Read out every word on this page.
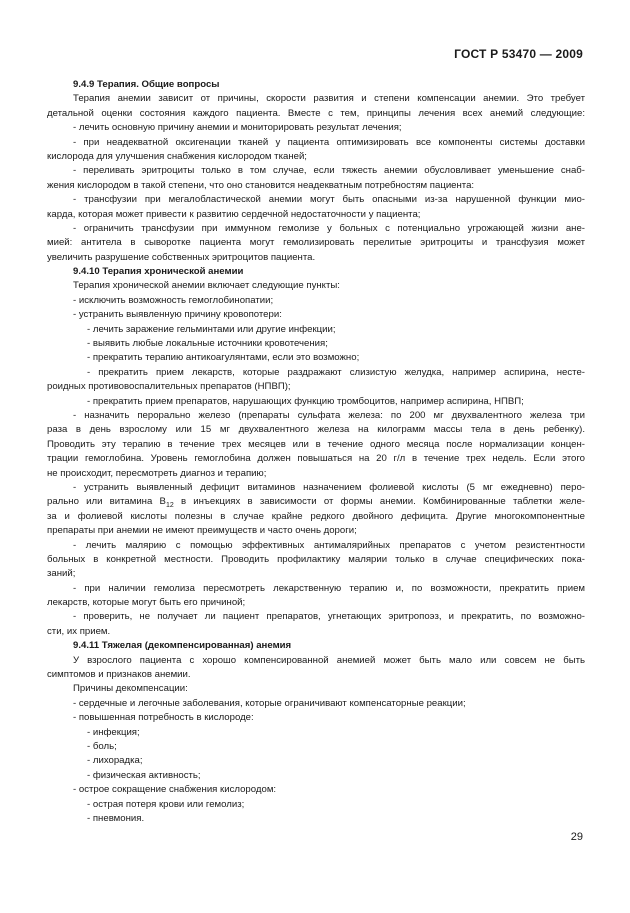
ГОСТ Р 53470 — 2009
9.4.9 Терапия. Общие вопросы
Терапия анемии зависит от причины, скорости развития и степени компенсации анемии. Это требует
детальной оценки состояния каждого пациента. Вместе с тем, принципы лечения всех анемий следующие:
- лечить основную причину анемии и мониторировать результат лечения;
- при неадекватной оксигенации тканей у пациента оптимизировать все компоненты системы доставки
кислорода для улучшения снабжения кислородом тканей;
- переливать эритроциты только в том случае, если тяжесть анемии обусловливает уменьшение снаб-
жения кислородом в такой степени, что оно становится неадекватным потребностям пациента:
- трансфузии при мегалобластической анемии могут быть опасными из-за нарушенной функции мио-
карда, которая может привести к развитию сердечной недостаточности у пациента;
- ограничить трансфузии при иммунном гемолизе у больных с потенциально угрожающей жизни ане-
мией: антитела в сыворотке пациента могут гемолизировать перелитые эритроциты и трансфузия может
увеличить разрушение собственных эритроцитов пациента.
9.4.10 Терапия хронической анемии
Терапия хронической анемии включает следующие пункты:
- исключить возможность гемоглобинопатии;
- устранить выявленную причину кровопотери:
- лечить заражение гельминтами или другие инфекции;
- выявить любые локальные источники кровотечения;
- прекратить терапию антикоагулянтами, если это возможно;
- прекратить прием лекарств, которые раздражают слизистую желудка, например аспирина, несте-
роидных противовоспалительных препаратов (НПВП);
- прекратить прием препаратов, нарушающих функцию тромбоцитов, например аспирина, НПВП;
- назначить перорально железо (препараты сульфата железа: по 200 мг двухвалентного железа три
раза в день взрослому или 15 мг двухвалентного железа на килограмм массы тела в день ребенку).
Проводить эту терапию в течение трех месяцев или в течение одного месяца после нормализации концен-
трации гемоглобина. Уровень гемоглобина должен повышаться на 20 г/л в течение трех недель. Если этого
не происходит, пересмотреть диагноз и терапию;
- устранить выявленный дефицит витаминов назначением фолиевой кислоты (5 мг ежедневно) перо-
рально или витамина $B_{12}$ в инъекциях в зависимости от формы анемии. Комбинированные таблетки желе-
за и фолиевой кислоты полезны в случае крайне редкого двойного дефицита. Другие многокомпонентные
препараты при анемии не имеют преимуществ и часто очень дороги;
- лечить малярию с помощью эффективных антималярийных препаратов с учетом резистентности
больных в конкретной местности. Проводить профилактику малярии только в случае специфических пока-
заний;
- при наличии гемолиза пересмотреть лекарственную терапию и, по возможности, прекратить прием
лекарств, которые могут быть его причиной;
- проверить, не получает ли пациент препаратов, угнетающих эритропоэз, и прекратить, по возможно-
сти, их прием.
9.4.11 Тяжелая (декомпенсированная) анемия
У взрослого пациента с хорошо компенсированной анемией может быть мало или совсем не быть
симптомов и признаков анемии.
Причины декомпенсации:
- сердечные и легочные заболевания, которые ограничивают компенсаторные реакции;
- повышенная потребность в кислороде:
- инфекция;
- боль;
- лихорадка;
- физическая активность;
- острое сокращение снабжения кислородом:
- острая потеря крови или гемолиз;
- пневмония.
29
